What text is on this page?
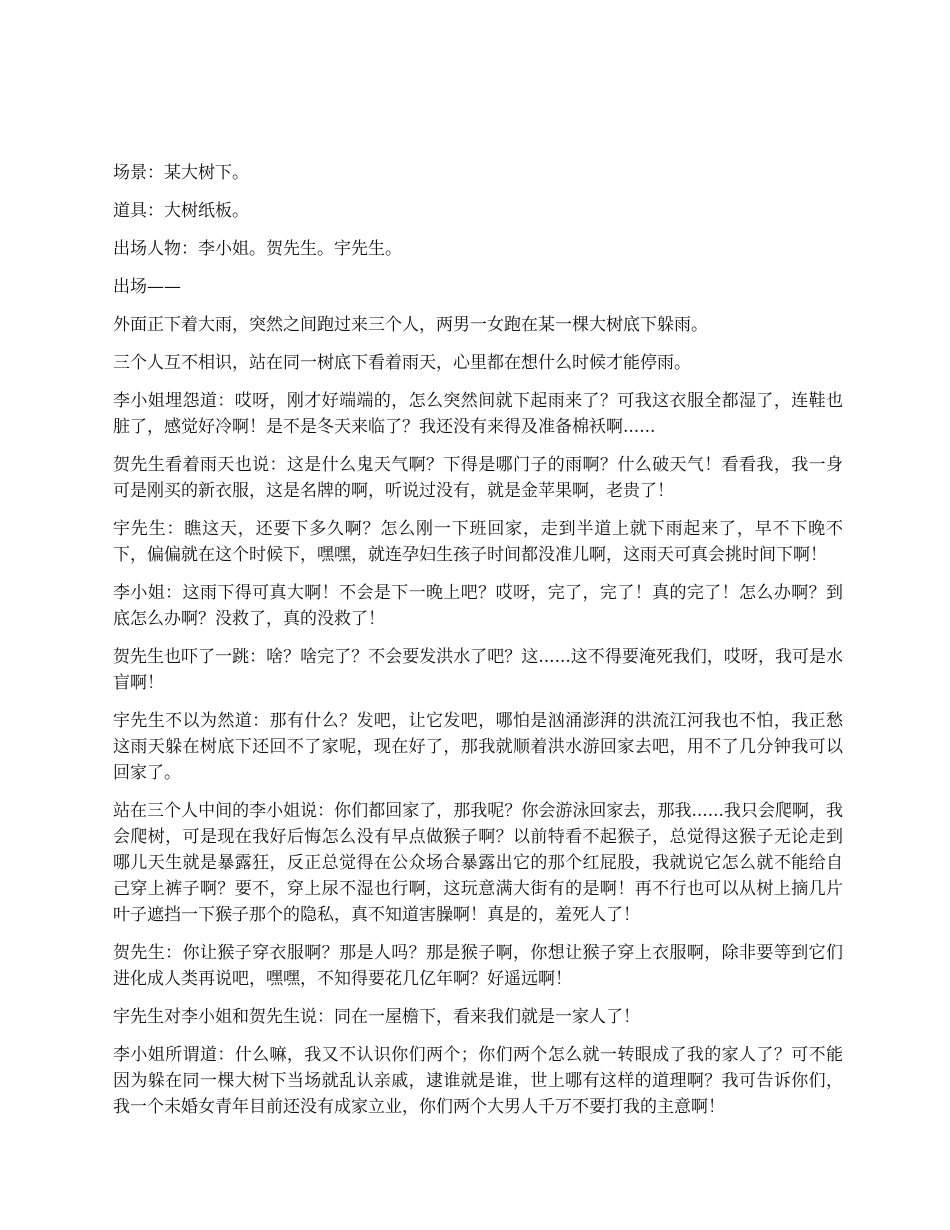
场景：某大树下。

道具：大树纸板。

出场人物：李小姐。贺先生。宇先生。

出场——

外面正下着大雨，突然之间跑过来三个人，两男一女跑在某一棵大树底下躲雨。

三个人互不相识，站在同一树底下看着雨天，心里都在想什么时候才能停雨。

李小姐埋怨道：哎呀，刚才好端端的，怎么突然间就下起雨来了？可我这衣服全都湿了，连鞋也脏了，感觉好冷啊！是不是冬天来临了？我还没有来得及准备棉袄啊......

贺先生看着雨天也说：这是什么鬼天气啊？下得是哪门子的雨啊？什么破天气！看看我，我一身可是刚买的新衣服，这是名牌的啊，听说过没有，就是金苹果啊，老贵了！

宇先生：瞧这天，还要下多久啊？怎么刚一下班回家，走到半道上就下雨起来了，早不下晚不下，偏偏就在这个时候下，嘿嘿，就连孕妇生孩子时间都没准儿啊，这雨天可真会挑时间下啊！

李小姐：这雨下得可真大啊！不会是下一晚上吧？哎呀，完了，完了！真的完了！怎么办啊？到底怎么办啊？没救了，真的没救了！

贺先生也吓了一跳：啥？啥完了？不会要发洪水了吧？这......这不得要淹死我们，哎呀，我可是水盲啊！

宇先生不以为然道：那有什么？发吧，让它发吧，哪怕是汹涌澎湃的洪流江河我也不怕，我正愁这雨天躲在树底下还回不了家呢，现在好了，那我就顺着洪水游回家去吧，用不了几分钟我可以回家了。

站在三个人中间的李小姐说：你们都回家了，那我呢？你会游泳回家去，那我......我只会爬啊，我会爬树，可是现在我好后悔怎么没有早点做猴子啊？以前特看不起猴子，总觉得这猴子无论走到哪儿天生就是暴露狂，反正总觉得在公众场合暴露出它的那个红屁股，我就说它怎么就不能给自己穿上裤子啊？要不，穿上尿不湿也行啊，这玩意满大街有的是啊！再不行也可以从树上摘几片叶子遮挡一下猴子那个的隐私，真不知道害臊啊！真是的，羞死人了！

贺先生：你让猴子穿衣服啊？那是人吗？那是猴子啊，你想让猴子穿上衣服啊，除非要等到它们进化成人类再说吧，嘿嘿，不知得要花几亿年啊？好遥远啊！

宇先生对李小姐和贺先生说：同在一屋檐下，看来我们就是一家人了！

李小姐所谓道：什么嘛，我又不认识你们两个；你们两个怎么就一转眼成了我的家人了？可不能因为躲在同一棵大树下当场就乱认亲戚，逮谁就是谁，世上哪有这样的道理啊？我可告诉你们，我一个未婚女青年目前还没有成家立业，你们两个大男人千万不要打我的主意啊！
